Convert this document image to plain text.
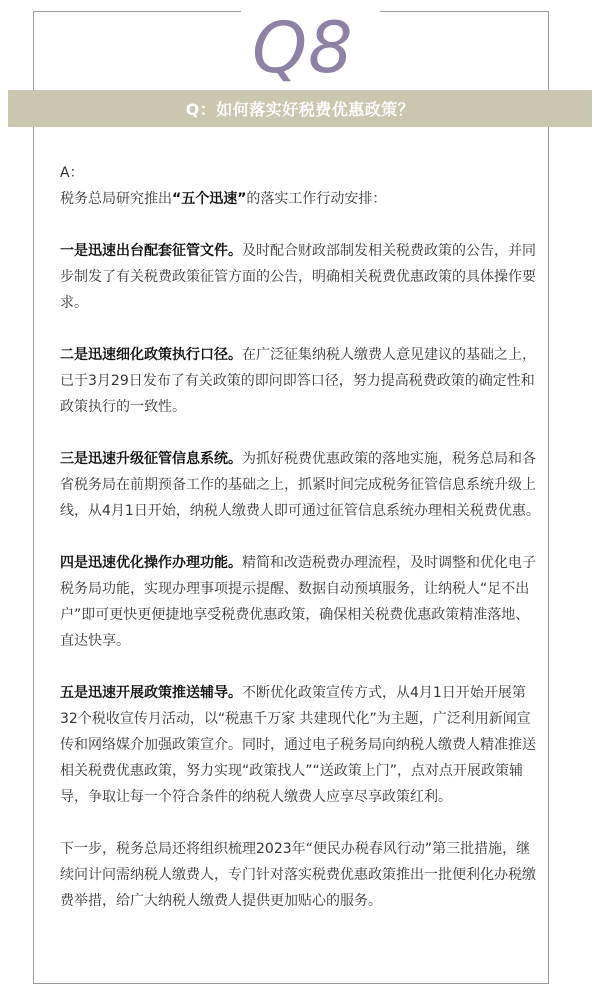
Q8
Q：如何落实好税费优惠政策？

A：

税务总局研究推出“五个迅速”的落实工作行动安排：

一是迅速出台配套征管文件。及时配合财政部制发相关税费政策的公告，并同步制发了有关税费政策征管方面的公告，明确相关税费优惠政策的具体操作要求。

二是迅速细化政策执行口径。在广泛征集纳税人缴费人意见建议的基础之上，已于3月29日发布了有关政策的即问即答口径，努力提高税费政策的确定性和政策执行的一致性。

三是迅速升级征管信息系统。为抓好税费优惠政策的落地实施，税务总局和各省税务局在前期预备工作的基础之上，抓紧时间完成税务征管信息系统升级上线，从4月1日开始，纳税人缴费人即可通过征管信息系统办理相关税费优惠。

四是迅速优化操作办理功能。精简和改造税费办理流程，及时调整和优化电子税务局功能，实现办理事项提示提醒、数据自动预填服务，让纳税人“足不出户”即可更快更便捷地享受税费优惠政策，确保相关税费优惠政策精准落地、直达快享。

五是迅速开展政策推送辅导。不断优化政策宣传方式，从4月1日开始开展第32个税收宣传月活动，以“税惠千万家 共建现代化”为主题，广泛利用新闻宣传和网络媒介加强政策宣介。同时，通过电子税务局向纳税人缴费人精准推送相关税费优惠政策，努力实现“政策找人”“送政策上门”，点对点开展政策辅导，争取让每一个符合条件的纳税人缴费人应享尽享政策红利。

下一步，税务总局还将组织梳理2023年“便民办税春风行动”第三批措施，继续问计问需纳税人缴费人，专门针对落实税费优惠政策推出一批便利化办税缴费举措，给广大纳税人缴费人提供更加贴心的服务。
